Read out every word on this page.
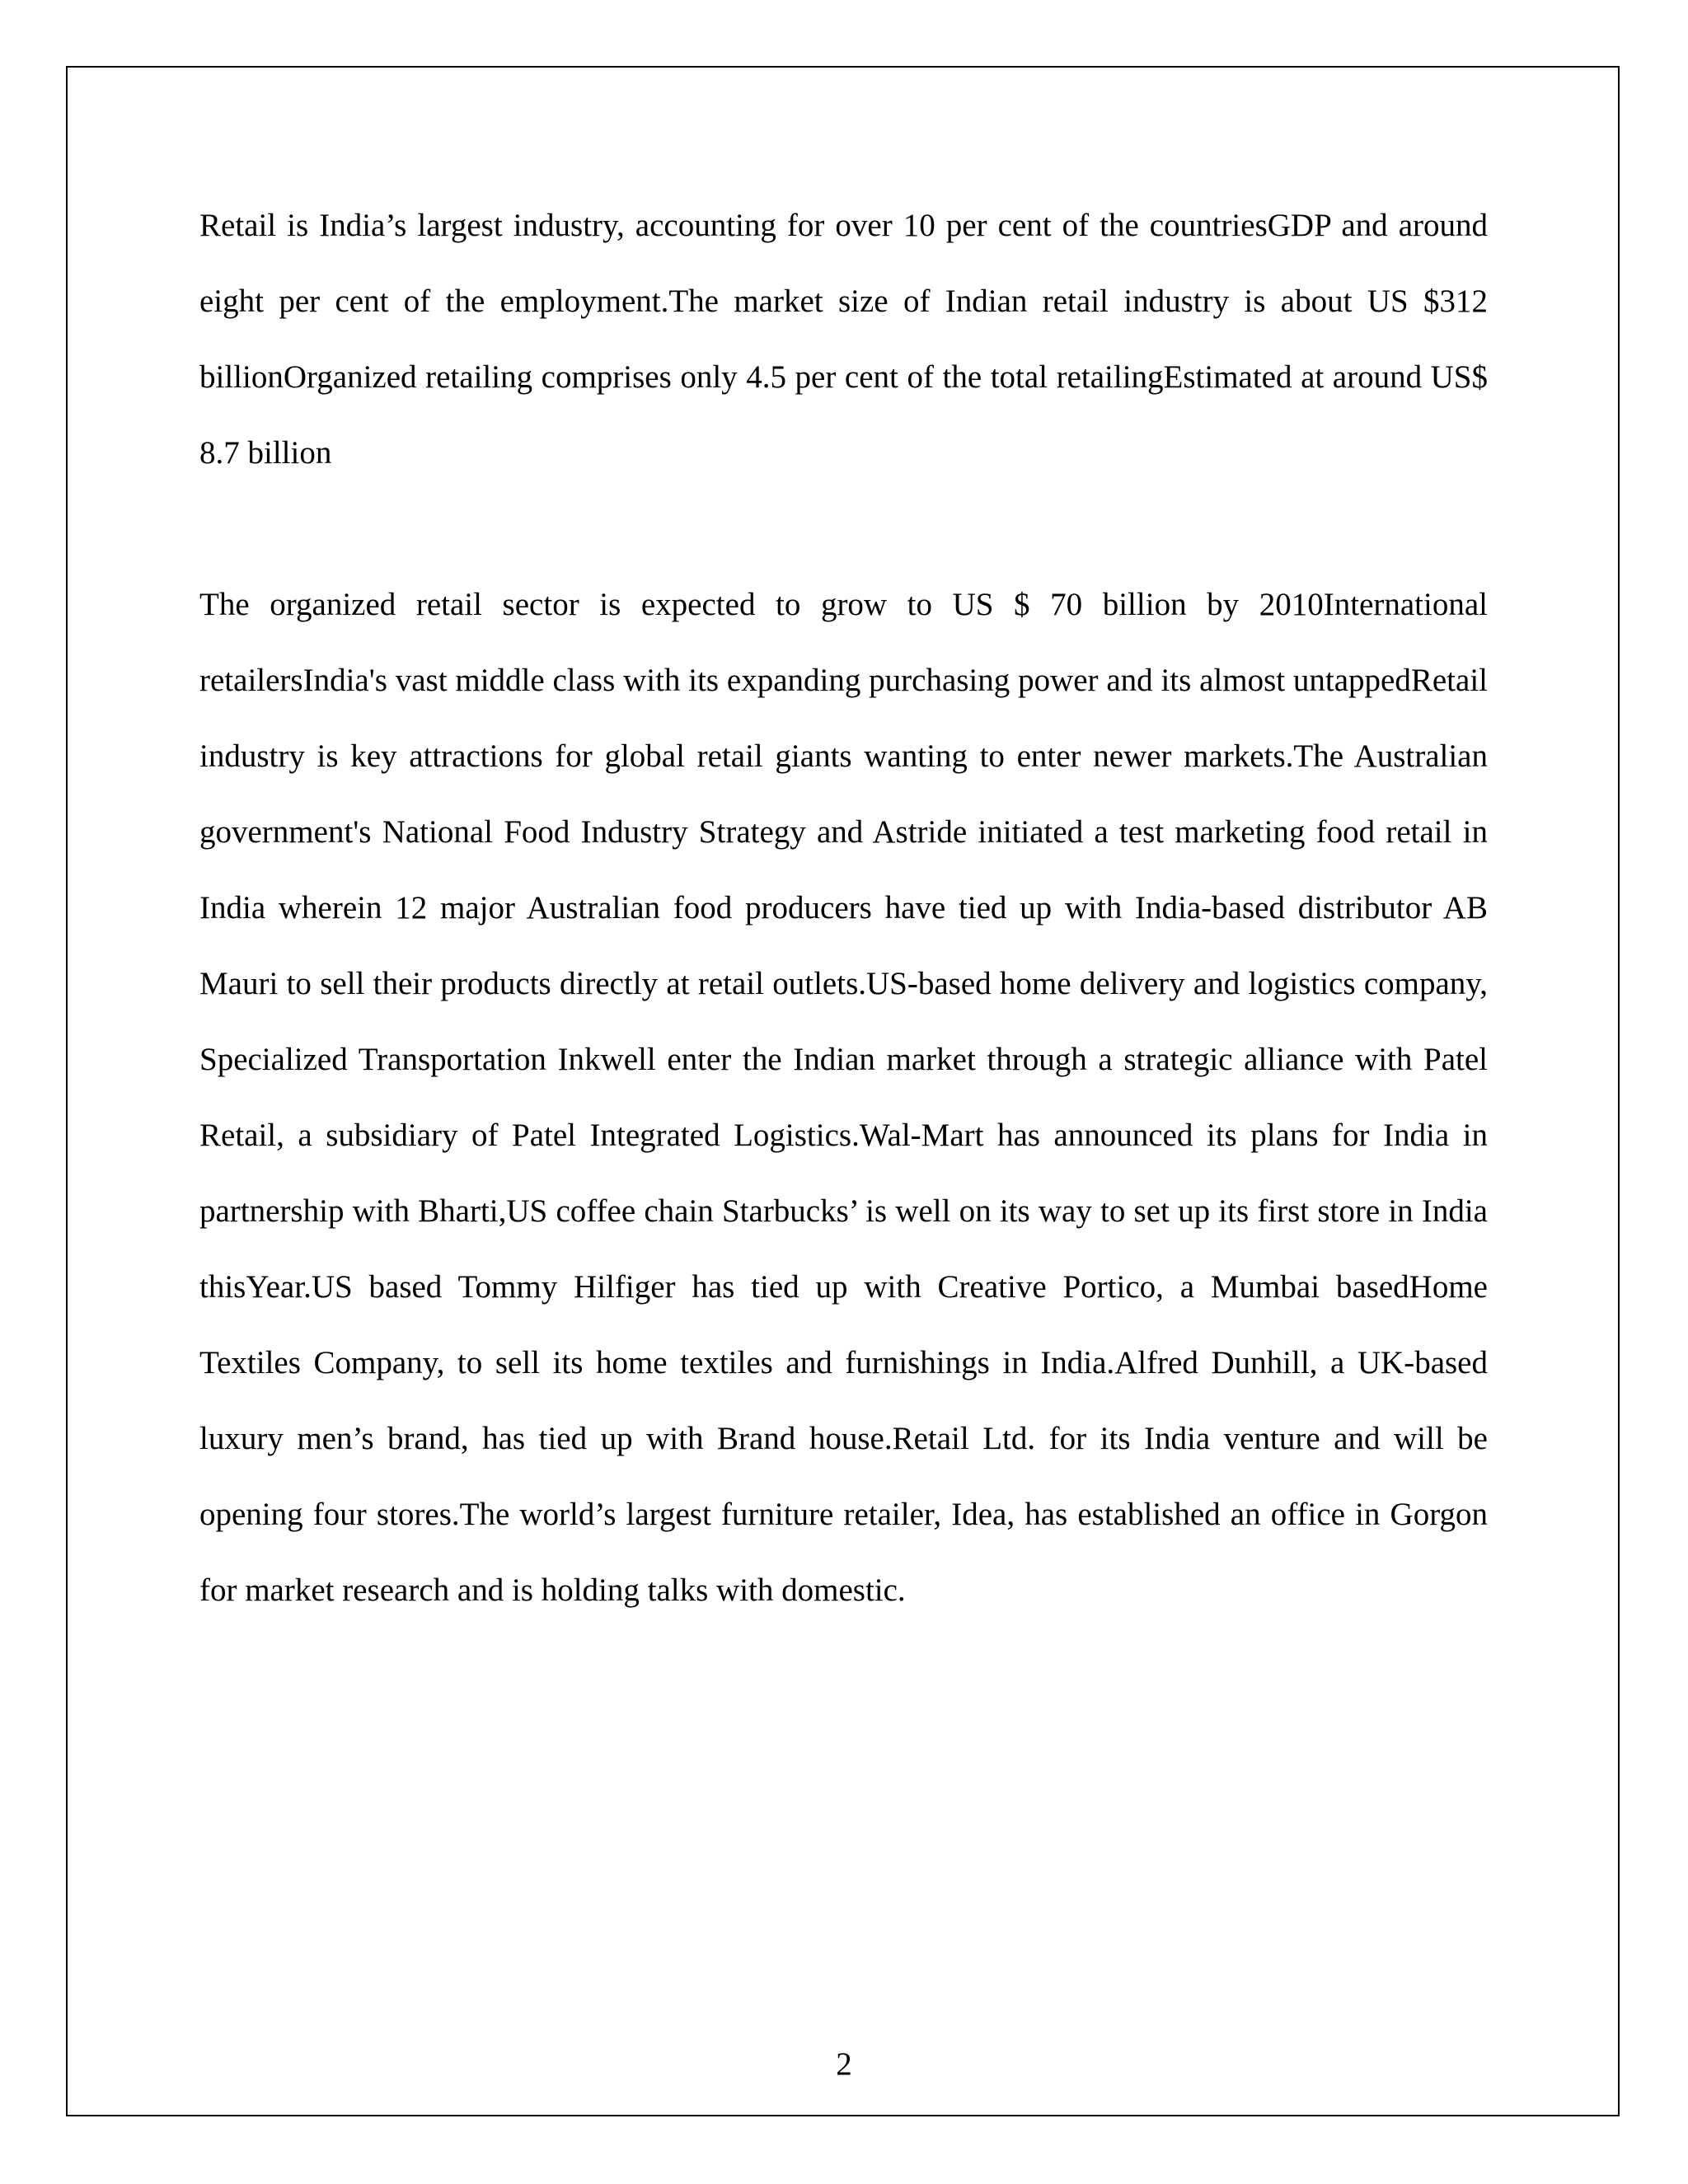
Retail is India’s largest industry, accounting for over 10 per cent of the countriesGDP and around eight per cent of the employment.The market size of Indian retail industry is about US $312 billionOrganized retailing comprises only 4.5 per cent of the total retailingEstimated at around US$ 8.7 billion

The organized retail sector is expected to grow to US $ 70 billion by 2010International retailersIndia's vast middle class with its expanding purchasing power and its almost untappedRetail industry is key attractions for global retail giants wanting to enter newer markets.The Australian government's National Food Industry Strategy and Astride initiated a test marketing food retail in India wherein 12 major Australian food producers have tied up with India-based distributor AB Mauri to sell their products directly at retail outlets.US-based home delivery and logistics company, Specialized Transportation Inkwell enter the Indian market through a strategic alliance with Patel Retail, a subsidiary of Patel Integrated Logistics.Wal-Mart has announced its plans for India in partnership with Bharti,US coffee chain Starbucks’ is well on its way to set up its first store in India thisYear.US based Tommy Hilfiger has tied up with Creative Portico, a Mumbai basedHome Textiles Company, to sell its home textiles and furnishings in India.Alfred Dunhill, a UK-based luxury men’s brand, has tied up with Brand house.Retail Ltd. for its India venture and will be opening four stores.The world’s largest furniture retailer, Idea, has established an office in Gorgon for market research and is holding talks with domestic.

2
